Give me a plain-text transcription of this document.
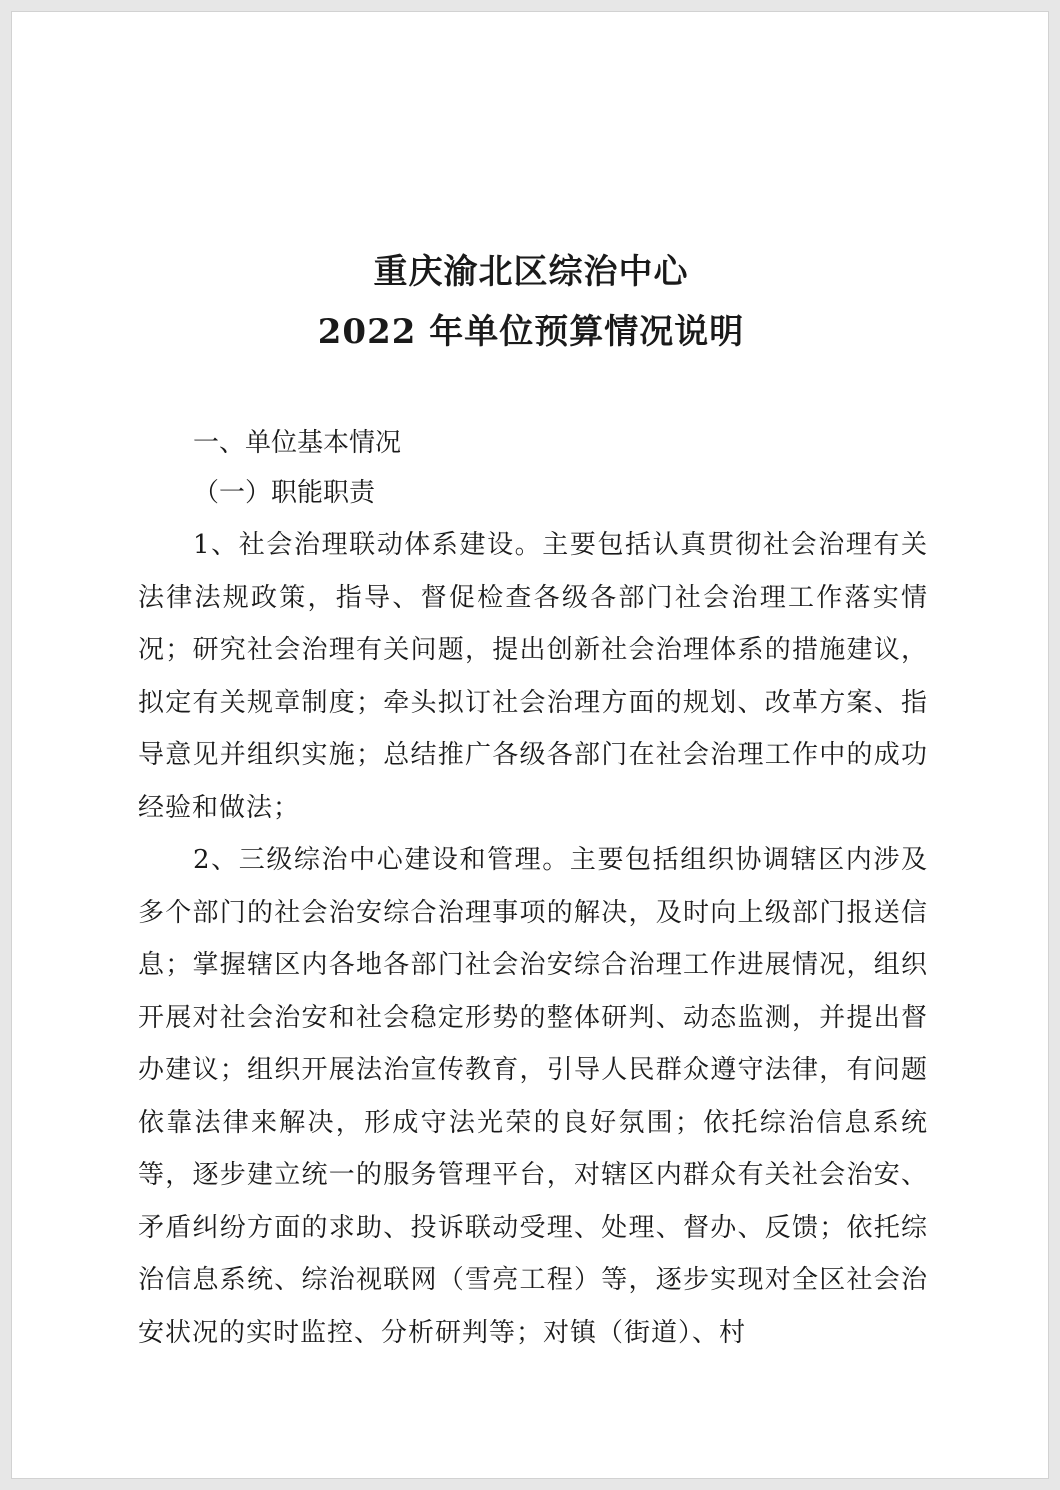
重庆渝北区综治中心
2022 年单位预算情况说明
一、单位基本情况
（一）职能职责
1、社会治理联动体系建设。主要包括认真贯彻社会治理有关法律法规政策，指导、督促检查各级各部门社会治理工作落实情况；研究社会治理有关问题，提出创新社会治理体系的措施建议，拟定有关规章制度；牵头拟订社会治理方面的规划、改革方案、指导意见并组织实施；总结推广各级各部门在社会治理工作中的成功经验和做法；
2、三级综治中心建设和管理。主要包括组织协调辖区内涉及多个部门的社会治安综合治理事项的解决，及时向上级部门报送信息；掌握辖区内各地各部门社会治安综合治理工作进展情况，组织开展对社会治安和社会稳定形势的整体研判、动态监测，并提出督办建议；组织开展法治宣传教育，引导人民群众遵守法律，有问题依靠法律来解决，形成守法光荣的良好氛围；依托综治信息系统等，逐步建立统一的服务管理平台，对辖区内群众有关社会治安、矛盾纠纷方面的求助、投诉联动受理、处理、督办、反馈；依托综治信息系统、综治视联网（雪亮工程）等，逐步实现对全区社会治安状况的实时监控、分析研判等；对镇（街道）、村
